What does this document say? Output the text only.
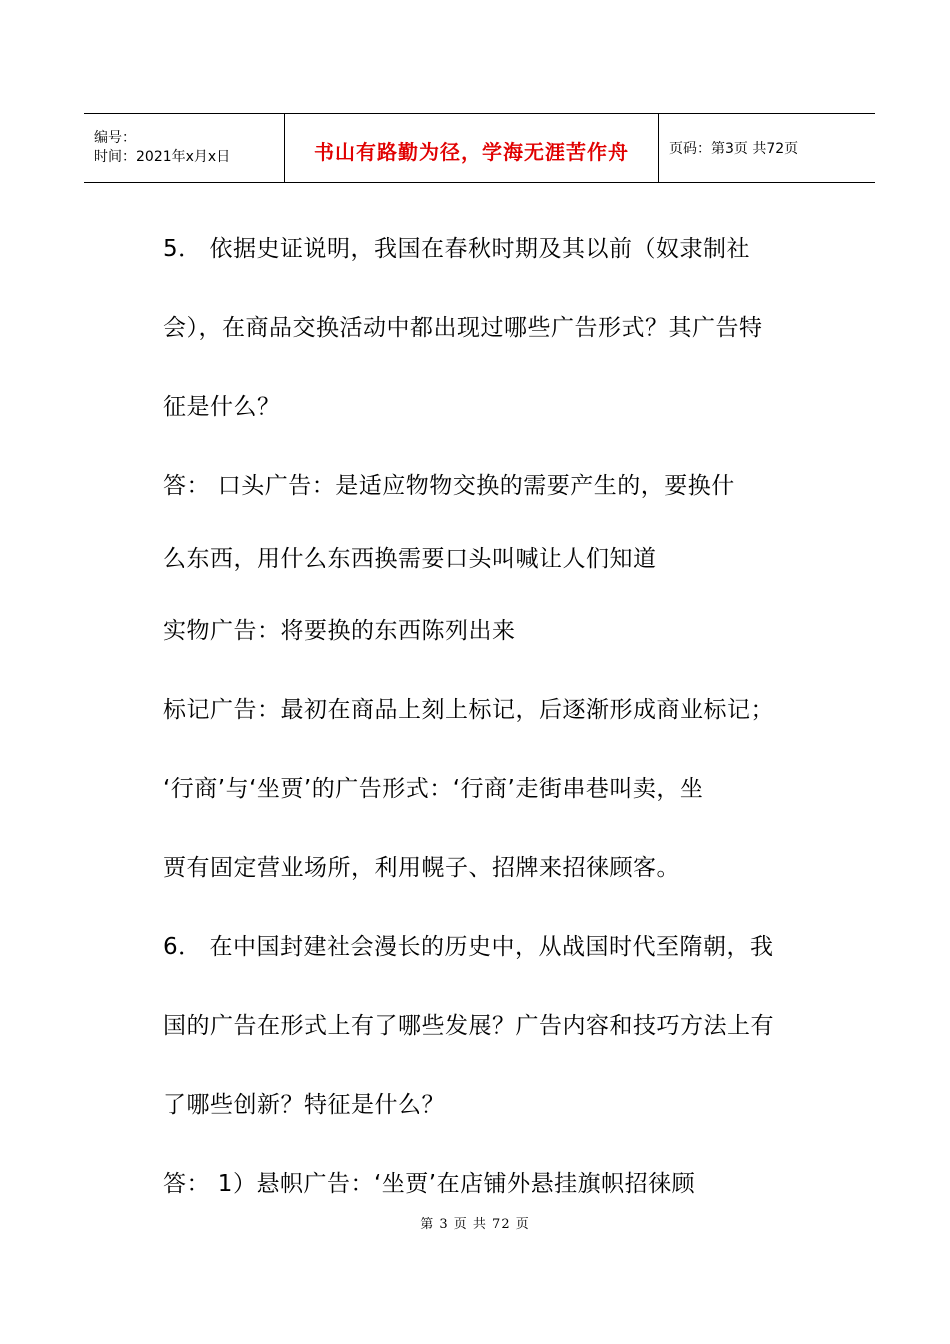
编号：
时间：2021年x月x日	书山有路勤为径，学海无涯苦作舟	页码：第3页 共72页

5． 依据史证说明，我国在春秋时期及其以前（奴隶制社

会），在商品交换活动中都出现过哪些广告形式？其广告特

征是什么？

答： 口头广告：是适应物物交换的需要产生的，要换什

么东西，用什么东西换需要口头叫喊让人们知道

实物广告：将要换的东西陈列出来

标记广告：最初在商品上刻上标记，后逐渐形成商业标记；

‘行商’与‘坐贾’的广告形式：‘行商’走街串巷叫卖，坐

贾有固定营业场所，利用幌子、招牌来招徕顾客。

6． 在中国封建社会漫长的历史中，从战国时代至隋朝，我

国的广告在形式上有了哪些发展？广告内容和技巧方法上有

了哪些创新？特征是什么？

答： 1）悬帜广告：‘坐贾’在店铺外悬挂旗帜招徕顾

第 3 页 共 72 页
